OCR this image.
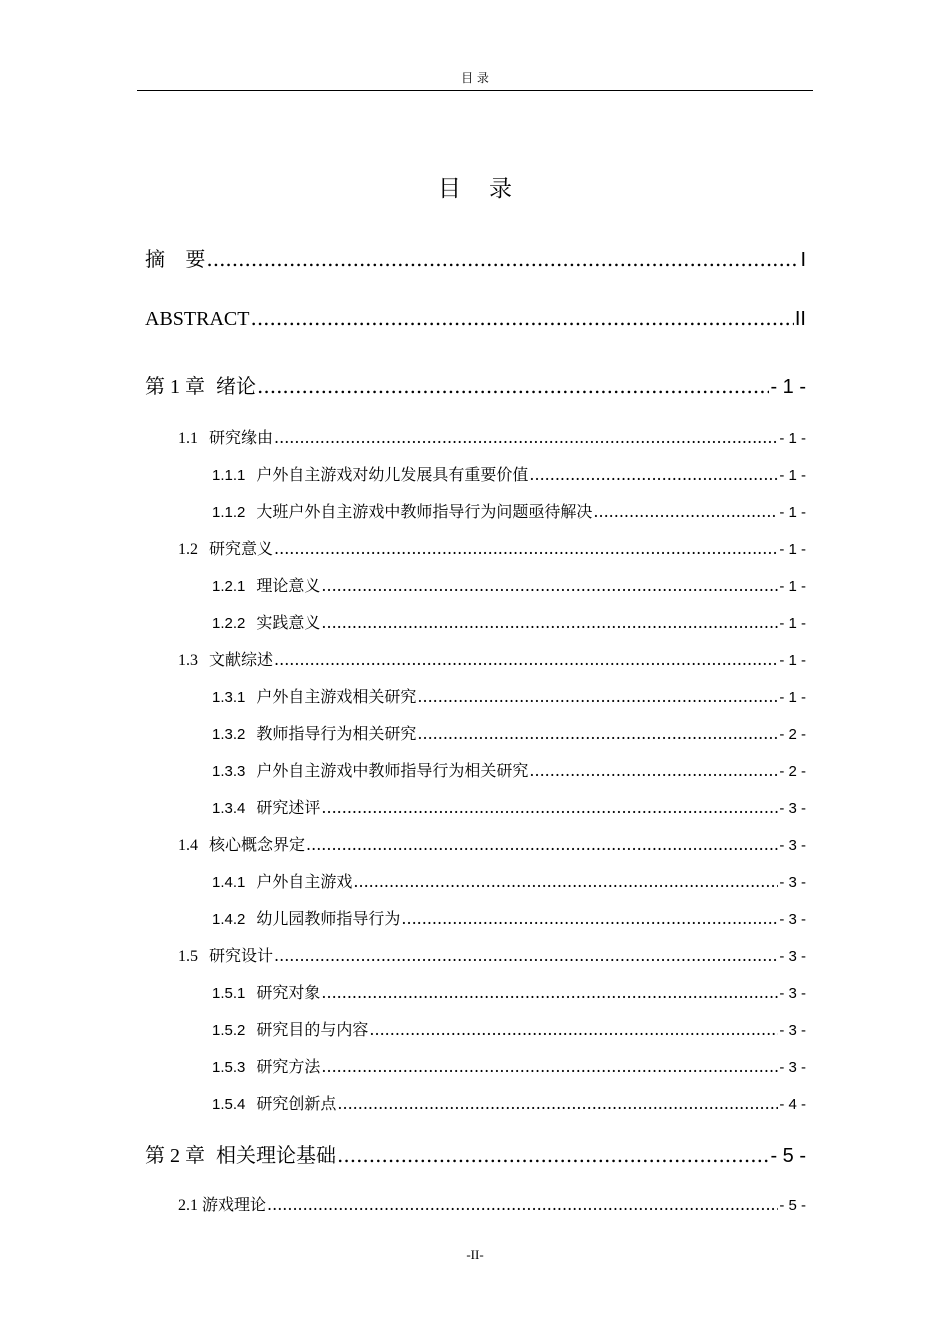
目 录
目 录
摘 要 .....	I
ABSTRACT .....	II
第 1 章 绪论 .....	- 1 -
1.1 研究缘由 .....	- 1 -
1.1.1 户外自主游戏对幼儿发展具有重要价值 .....	- 1 -
1.1.2 大班户外自主游戏中教师指导行为问题亟待解决 .....	- 1 -
1.2 研究意义 .....	- 1 -
1.2.1 理论意义 .....	- 1 -
1.2.2 实践意义 .....	- 1 -
1.3 文献综述 .....	- 1 -
1.3.1 户外自主游戏相关研究 .....	- 1 -
1.3.2 教师指导行为相关研究 .....	- 2 -
1.3.3 户外自主游戏中教师指导行为相关研究 .....	- 2 -
1.3.4 研究述评 .....	- 3 -
1.4 核心概念界定 .....	- 3 -
1.4.1 户外自主游戏 .....	- 3 -
1.4.2 幼儿园教师指导行为 .....	- 3 -
1.5 研究设计 .....	- 3 -
1.5.1 研究对象 .....	- 3 -
1.5.2 研究目的与内容 .....	- 3 -
1.5.3 研究方法 .....	- 3 -
1.5.4 研究创新点 .....	- 4 -
第 2 章 相关理论基础 .....	- 5 -
2.1 游戏理论 .....	- 5 -
-II-
